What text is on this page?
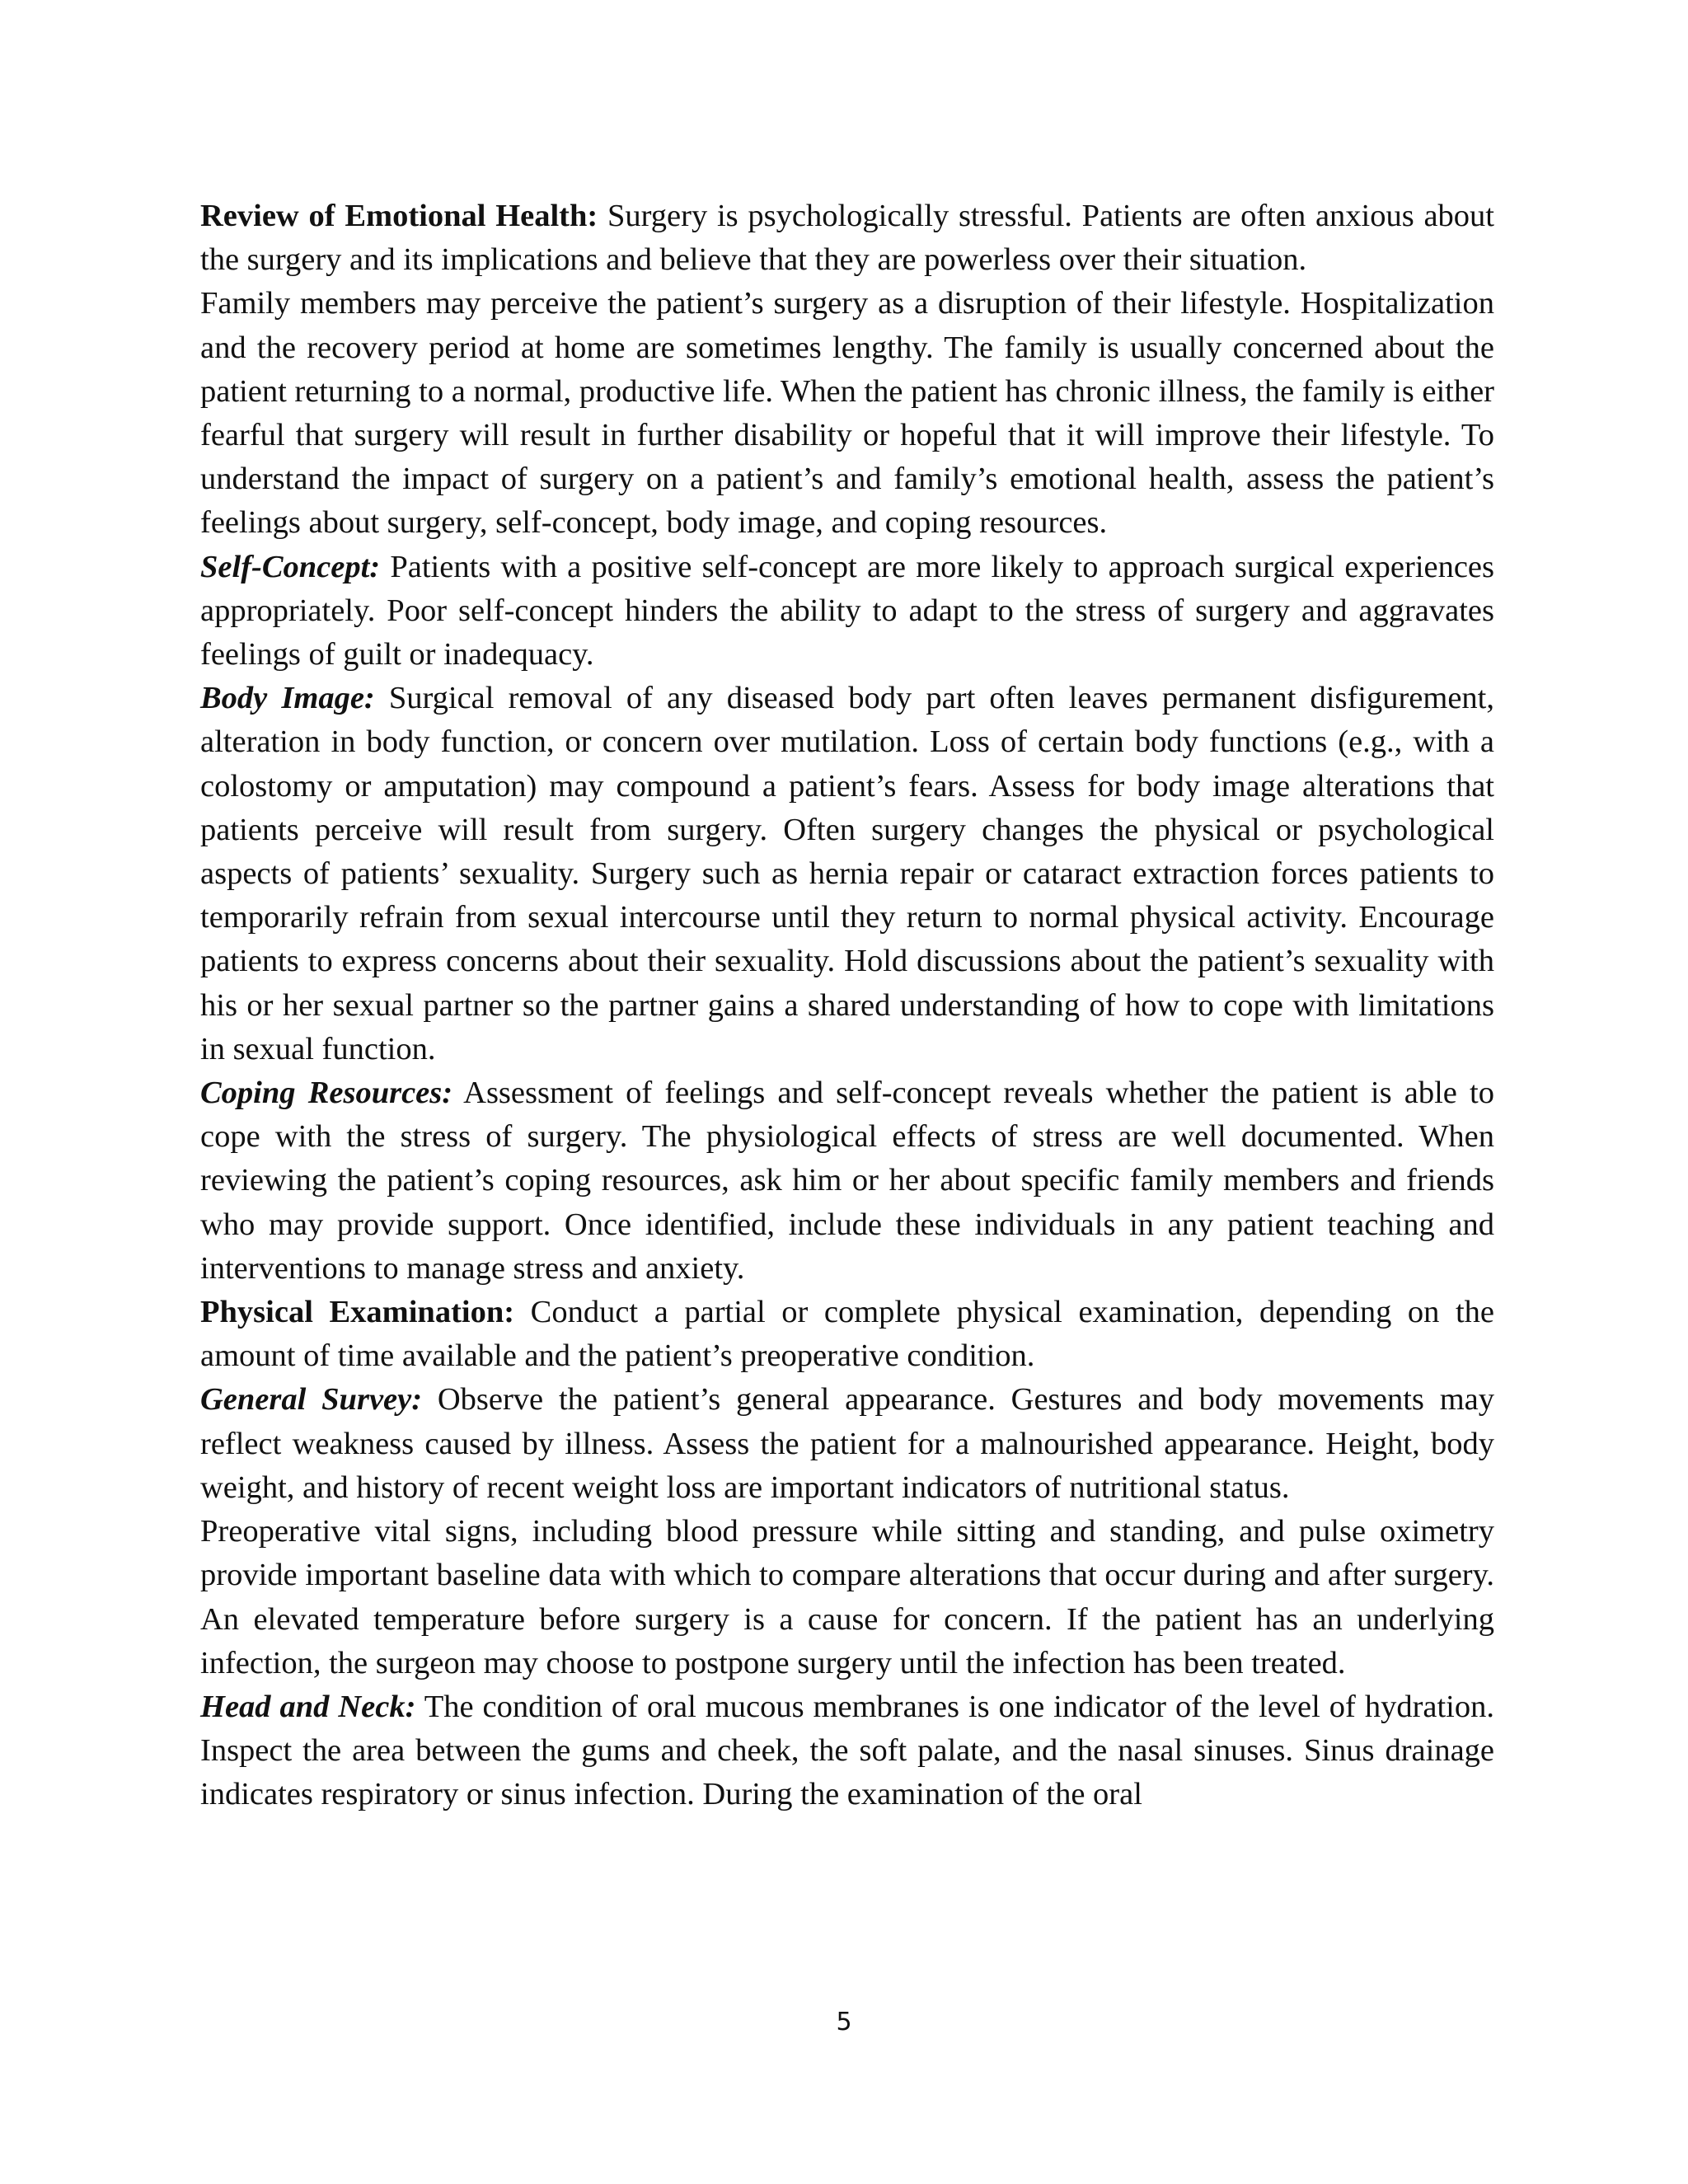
Review of Emotional Health: Surgery is psychologically stressful. Patients are often anxious about the surgery and its implications and believe that they are powerless over their situation.

Family members may perceive the patient’s surgery as a disruption of their lifestyle. Hospitalization and the recovery period at home are sometimes lengthy. The family is usually concerned about the patient returning to a normal, productive life. When the patient has chronic illness, the family is either fearful that surgery will result in further disability or hopeful that it will improve their lifestyle. To understand the impact of surgery on a patient’s and family’s emotional health, assess the patient’s feelings about surgery, self-concept, body image, and coping resources.

Self-Concept: Patients with a positive self-concept are more likely to approach surgical experiences appropriately. Poor self-concept hinders the ability to adapt to the stress of surgery and aggravates feelings of guilt or inadequacy.

Body Image: Surgical removal of any diseased body part often leaves permanent disfigurement, alteration in body function, or concern over mutilation. Loss of certain body functions (e.g., with a colostomy or amputation) may compound a patient’s fears. Assess for body image alterations that patients perceive will result from surgery. Often surgery changes the physical or psychological aspects of patients’ sexuality. Surgery such as hernia repair or cataract extraction forces patients to temporarily refrain from sexual intercourse until they return to normal physical activity. Encourage patients to express concerns about their sexuality. Hold discussions about the patient’s sexuality with his or her sexual partner so the partner gains a shared understanding of how to cope with limitations in sexual function.

Coping Resources: Assessment of feelings and self-concept reveals whether the patient is able to cope with the stress of surgery. The physiological effects of stress are well documented. When reviewing the patient’s coping resources, ask him or her about specific family members and friends who may provide support. Once identified, include these individuals in any patient teaching and interventions to manage stress and anxiety.

Physical Examination: Conduct a partial or complete physical examination, depending on the amount of time available and the patient’s preoperative condition.

General Survey: Observe the patient’s general appearance. Gestures and body movements may reflect weakness caused by illness. Assess the patient for a malnourished appearance. Height, body weight, and history of recent weight loss are important indicators of nutritional status.

Preoperative vital signs, including blood pressure while sitting and standing, and pulse oximetry provide important baseline data with which to compare alterations that occur during and after surgery. An elevated temperature before surgery is a cause for concern. If the patient has an underlying infection, the surgeon may choose to postpone surgery until the infection has been treated.

Head and Neck: The condition of oral mucous membranes is one indicator of the level of hydration. Inspect the area between the gums and cheek, the soft palate, and the nasal sinuses. Sinus drainage indicates respiratory or sinus infection. During the examination of the oral

5
